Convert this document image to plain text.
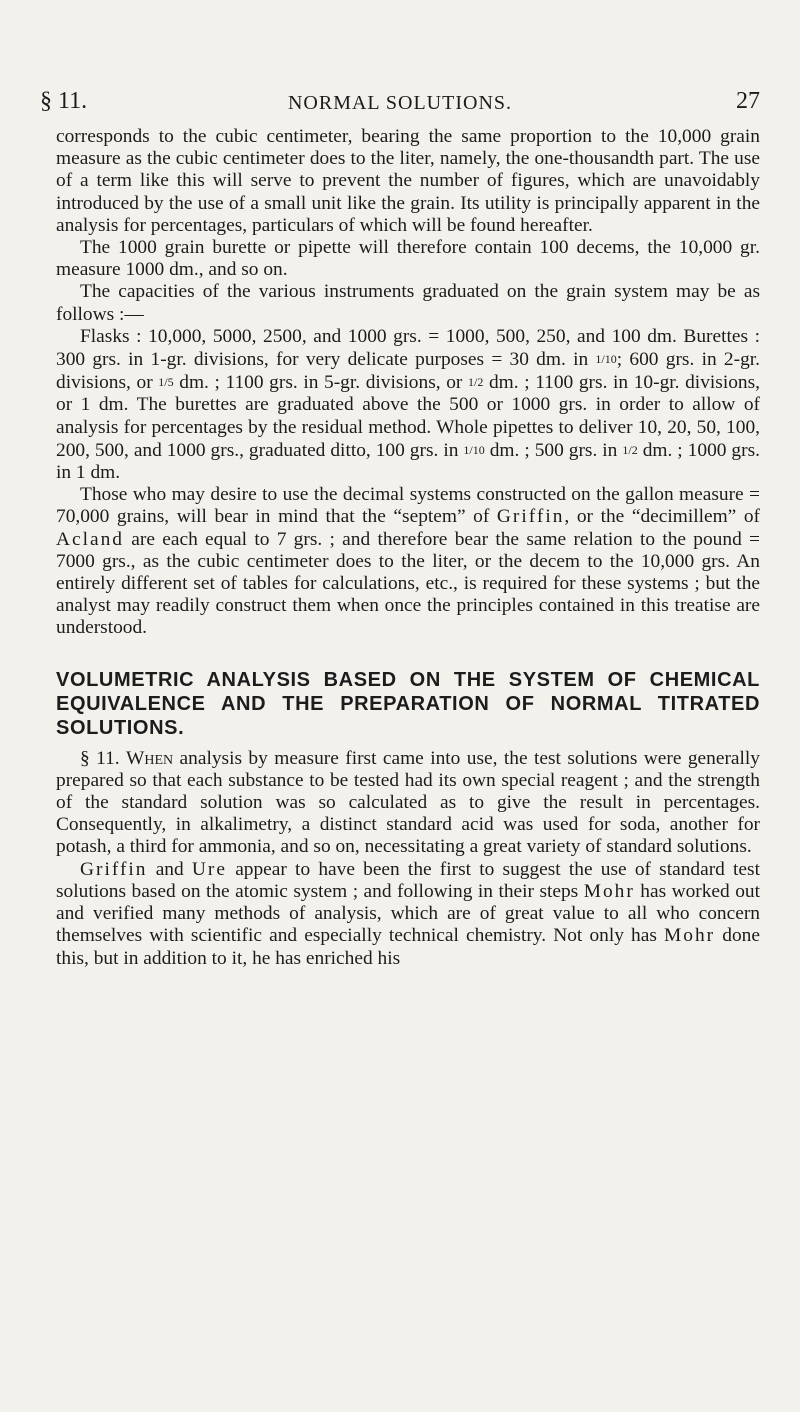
§ 11.	NORMAL SOLUTIONS.	27

corresponds to the cubic centimeter, bearing the same proportion to the 10,000 grain measure as the cubic centimeter does to the liter, namely, the one-thousandth part. The use of a term like this will serve to prevent the number of figures, which are unavoidably introduced by the use of a small unit like the grain. Its utility is principally apparent in the analysis for percentages, particulars of which will be found hereafter.

The 1000 grain burette or pipette will therefore contain 100 decems, the 10,000 gr. measure 1000 dm., and so on.

The capacities of the various instruments graduated on the grain system may be as follows :—

Flasks : 10,000, 5000, 2500, and 1000 grs. = 1000, 500, 250, and 100 dm. Burettes : 300 grs. in 1-gr. divisions, for very delicate purposes = 30 dm. in 1/10; 600 grs. in 2-gr. divisions, or 1/5 dm. ; 1100 grs. in 5-gr. divisions, or 1/2 dm. ; 1100 grs. in 10-gr. divisions, or 1 dm. The burettes are graduated above the 500 or 1000 grs. in order to allow of analysis for percentages by the residual method. Whole pipettes to deliver 10, 20, 50, 100, 200, 500, and 1000 grs., graduated ditto, 100 grs. in 1/10 dm. ; 500 grs. in 1/2 dm. ; 1000 grs. in 1 dm.

Those who may desire to use the decimal systems constructed on the gallon measure = 70,000 grains, will bear in mind that the “septem” of Griffin, or the “decimillem” of Acland are each equal to 7 grs. ; and therefore bear the same relation to the pound = 7000 grs., as the cubic centimeter does to the liter, or the decem to the 10,000 grs. An entirely different set of tables for calculations, etc., is required for these systems ; but the analyst may readily construct them when once the principles contained in this treatise are understood.

VOLUMETRIC ANALYSIS BASED ON THE SYSTEM OF CHEMICAL EQUIVALENCE AND THE PREPARATION OF NORMAL TITRATED SOLUTIONS.

§ 11. When analysis by measure first came into use, the test solutions were generally prepared so that each substance to be tested had its own special reagent ; and the strength of the standard solution was so calculated as to give the result in percentages. Consequently, in alkalimetry, a distinct standard acid was used for soda, another for potash, a third for ammonia, and so on, necessitating a great variety of standard solutions.

Griffin and Ure appear to have been the first to suggest the use of standard test solutions based on the atomic system ; and following in their steps Mohr has worked out and verified many methods of analysis, which are of great value to all who concern themselves with scientific and especially technical chemistry. Not only has Mohr done this, but in addition to it, he has enriched his
